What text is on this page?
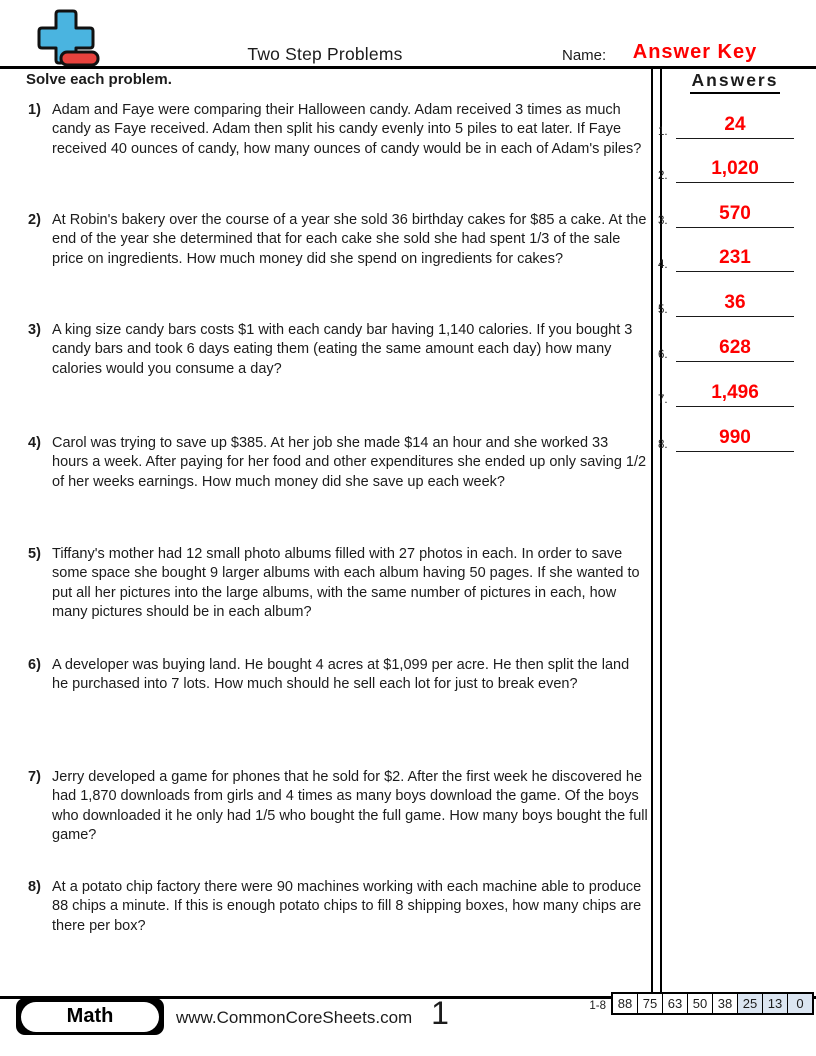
Two Step Problems	Name:	Answer Key
Solve each problem.
1) Adam and Faye were comparing their Halloween candy. Adam received 3 times as much candy as Faye received. Adam then split his candy evenly into 5 piles to eat later. If Faye received 40 ounces of candy, how many ounces of candy would be in each of Adam's piles?
2) At Robin's bakery over the course of a year she sold 36 birthday cakes for $85 a cake. At the end of the year she determined that for each cake she sold she had spent 1/3 of the sale price on ingredients. How much money did she spend on ingredients for cakes?
3) A king size candy bars costs $1 with each candy bar having 1,140 calories. If you bought 3 candy bars and took 6 days eating them (eating the same amount each day) how many calories would you consume a day?
4) Carol was trying to save up $385. At her job she made $14 an hour and she worked 33 hours a week. After paying for her food and other expenditures she ended up only saving 1/2 of her weeks earnings. How much money did she save up each week?
5) Tiffany's mother had 12 small photo albums filled with 27 photos in each. In order to save some space she bought 9 larger albums with each album having 50 pages. If she wanted to put all her pictures into the large albums, with the same number of pictures in each, how many pictures should be in each album?
6) A developer was buying land. He bought 4 acres at $1,099 per acre. He then split the land he purchased into 7 lots. How much should he sell each lot for just to break even?
7) Jerry developed a game for phones that he sold for $2. After the first week he discovered he had 1,870 downloads from girls and 4 times as many boys download the game. Of the boys who downloaded it he only had 1/5 who bought the full game. How many boys bought the full game?
8) At a potato chip factory there were 90 machines working with each machine able to produce 88 chips a minute. If this is enough potato chips to fill 8 shipping boxes, how many chips are there per box?
Answers
1.	24
2.	1,020
3.	570
4.	231
5.	36
6.	628
7.	1,496
8.	990
Math	www.CommonCoreSheets.com 1	1-8 88 75 63 50 38 25 13	0
